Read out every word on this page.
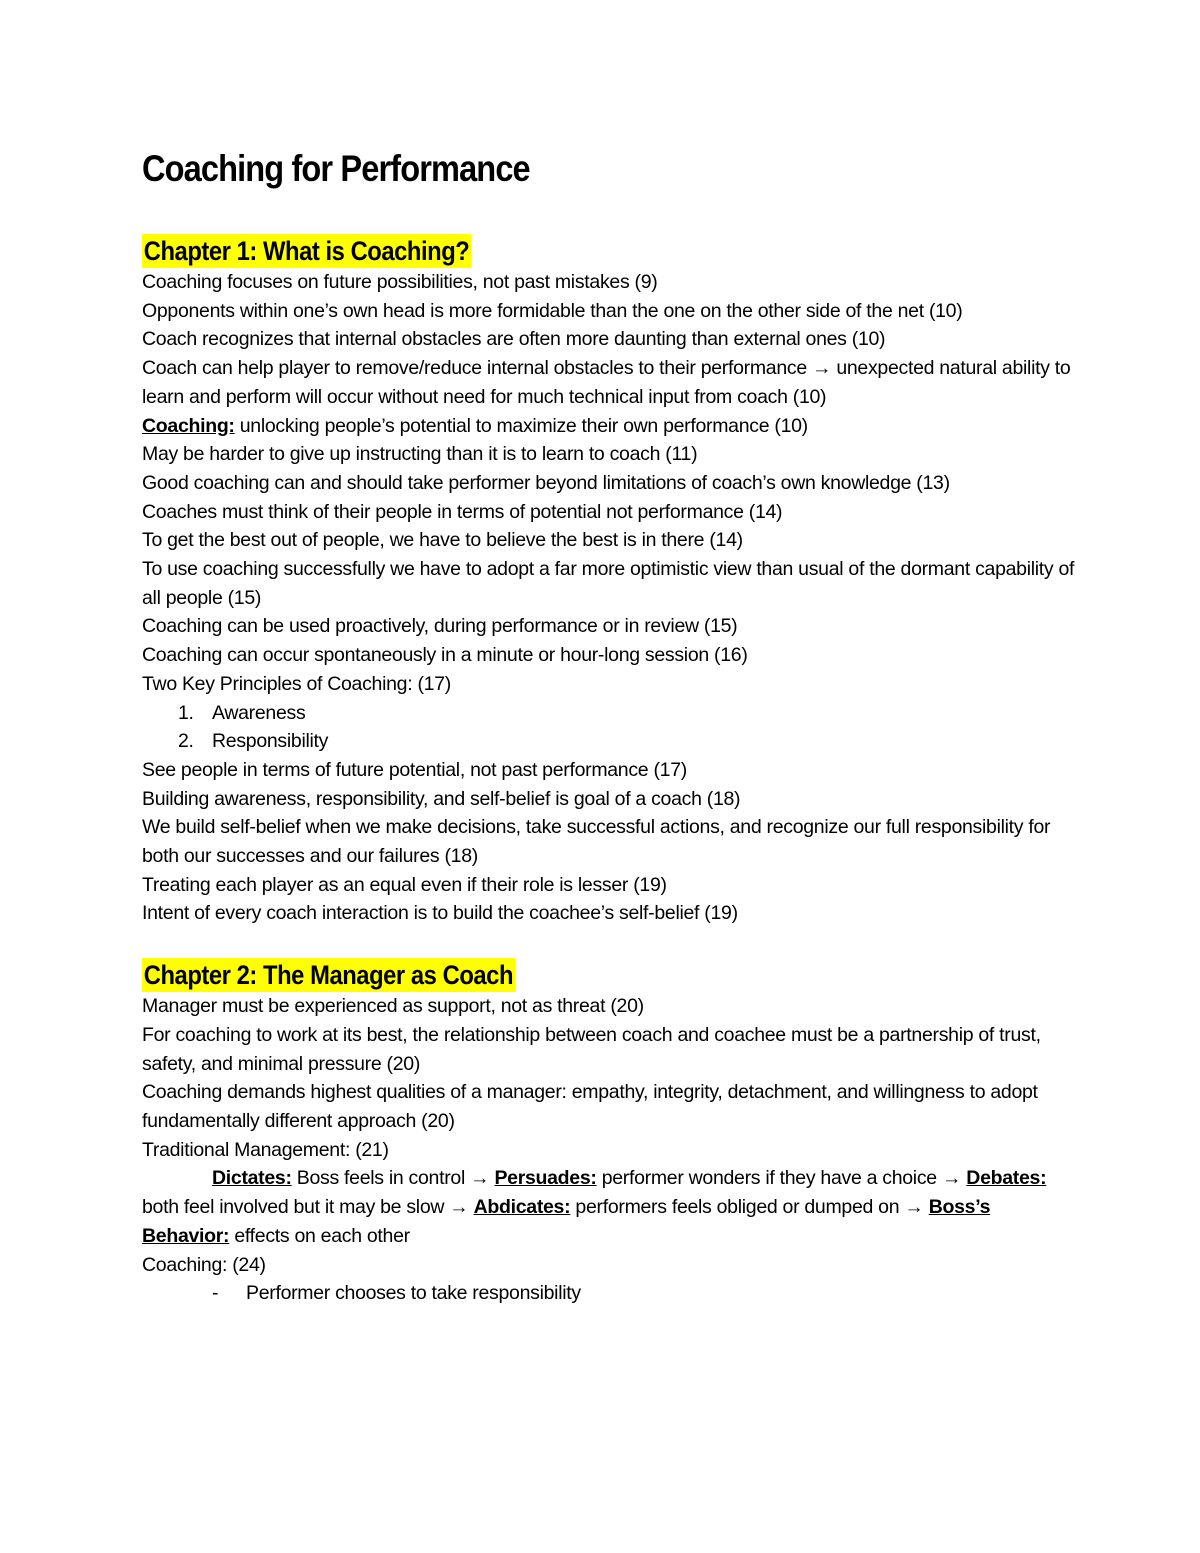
Coaching for Performance
Chapter 1: What is Coaching?

Coaching focuses on future possibilities, not past mistakes (9)

Opponents within one’s own head is more formidable than the one on the other side of the net (10)

Coach recognizes that internal obstacles are often more daunting than external ones (10)

Coach can help player to remove/reduce internal obstacles to their performance → unexpected natural ability to learn and perform will occur without need for much technical input from coach (10)

Coaching: unlocking people’s potential to maximize their own performance (10)

May be harder to give up instructing than it is to learn to coach (11)

Good coaching can and should take performer beyond limitations of coach’s own knowledge (13)

Coaches must think of their people in terms of potential not performance (14)

To get the best out of people, we have to believe the best is in there (14)

To use coaching successfully we have to adopt a far more optimistic view than usual of the dormant capability of all people (15)

Coaching can be used proactively, during performance or in review (15)

Coaching can occur spontaneously in a minute or hour-long session (16)

Two Key Principles of Coaching: (17)

1. Awareness

2. Responsibility

See people in terms of future potential, not past performance (17)

Building awareness, responsibility, and self-belief is goal of a coach (18)

We build self-belief when we make decisions, take successful actions, and recognize our full responsibility for both our successes and our failures (18)

Treating each player as an equal even if their role is lesser (19)

Intent of every coach interaction is to build the coachee’s self-belief (19)

Chapter 2: The Manager as Coach

Manager must be experienced as support, not as threat (20)

For coaching to work at its best, the relationship between coach and coachee must be a partnership of trust, safety, and minimal pressure (20)

Coaching demands highest qualities of a manager: empathy, integrity, detachment, and willingness to adopt fundamentally different approach (20)

Traditional Management: (21)

Dictates: Boss feels in control → Persuades: performer wonders if they have a choice → Debates: both feel involved but it may be slow → Abdicates: performers feels obliged or dumped on → Boss’s Behavior: effects on each other

Coaching: (24)

- Performer chooses to take responsibility
